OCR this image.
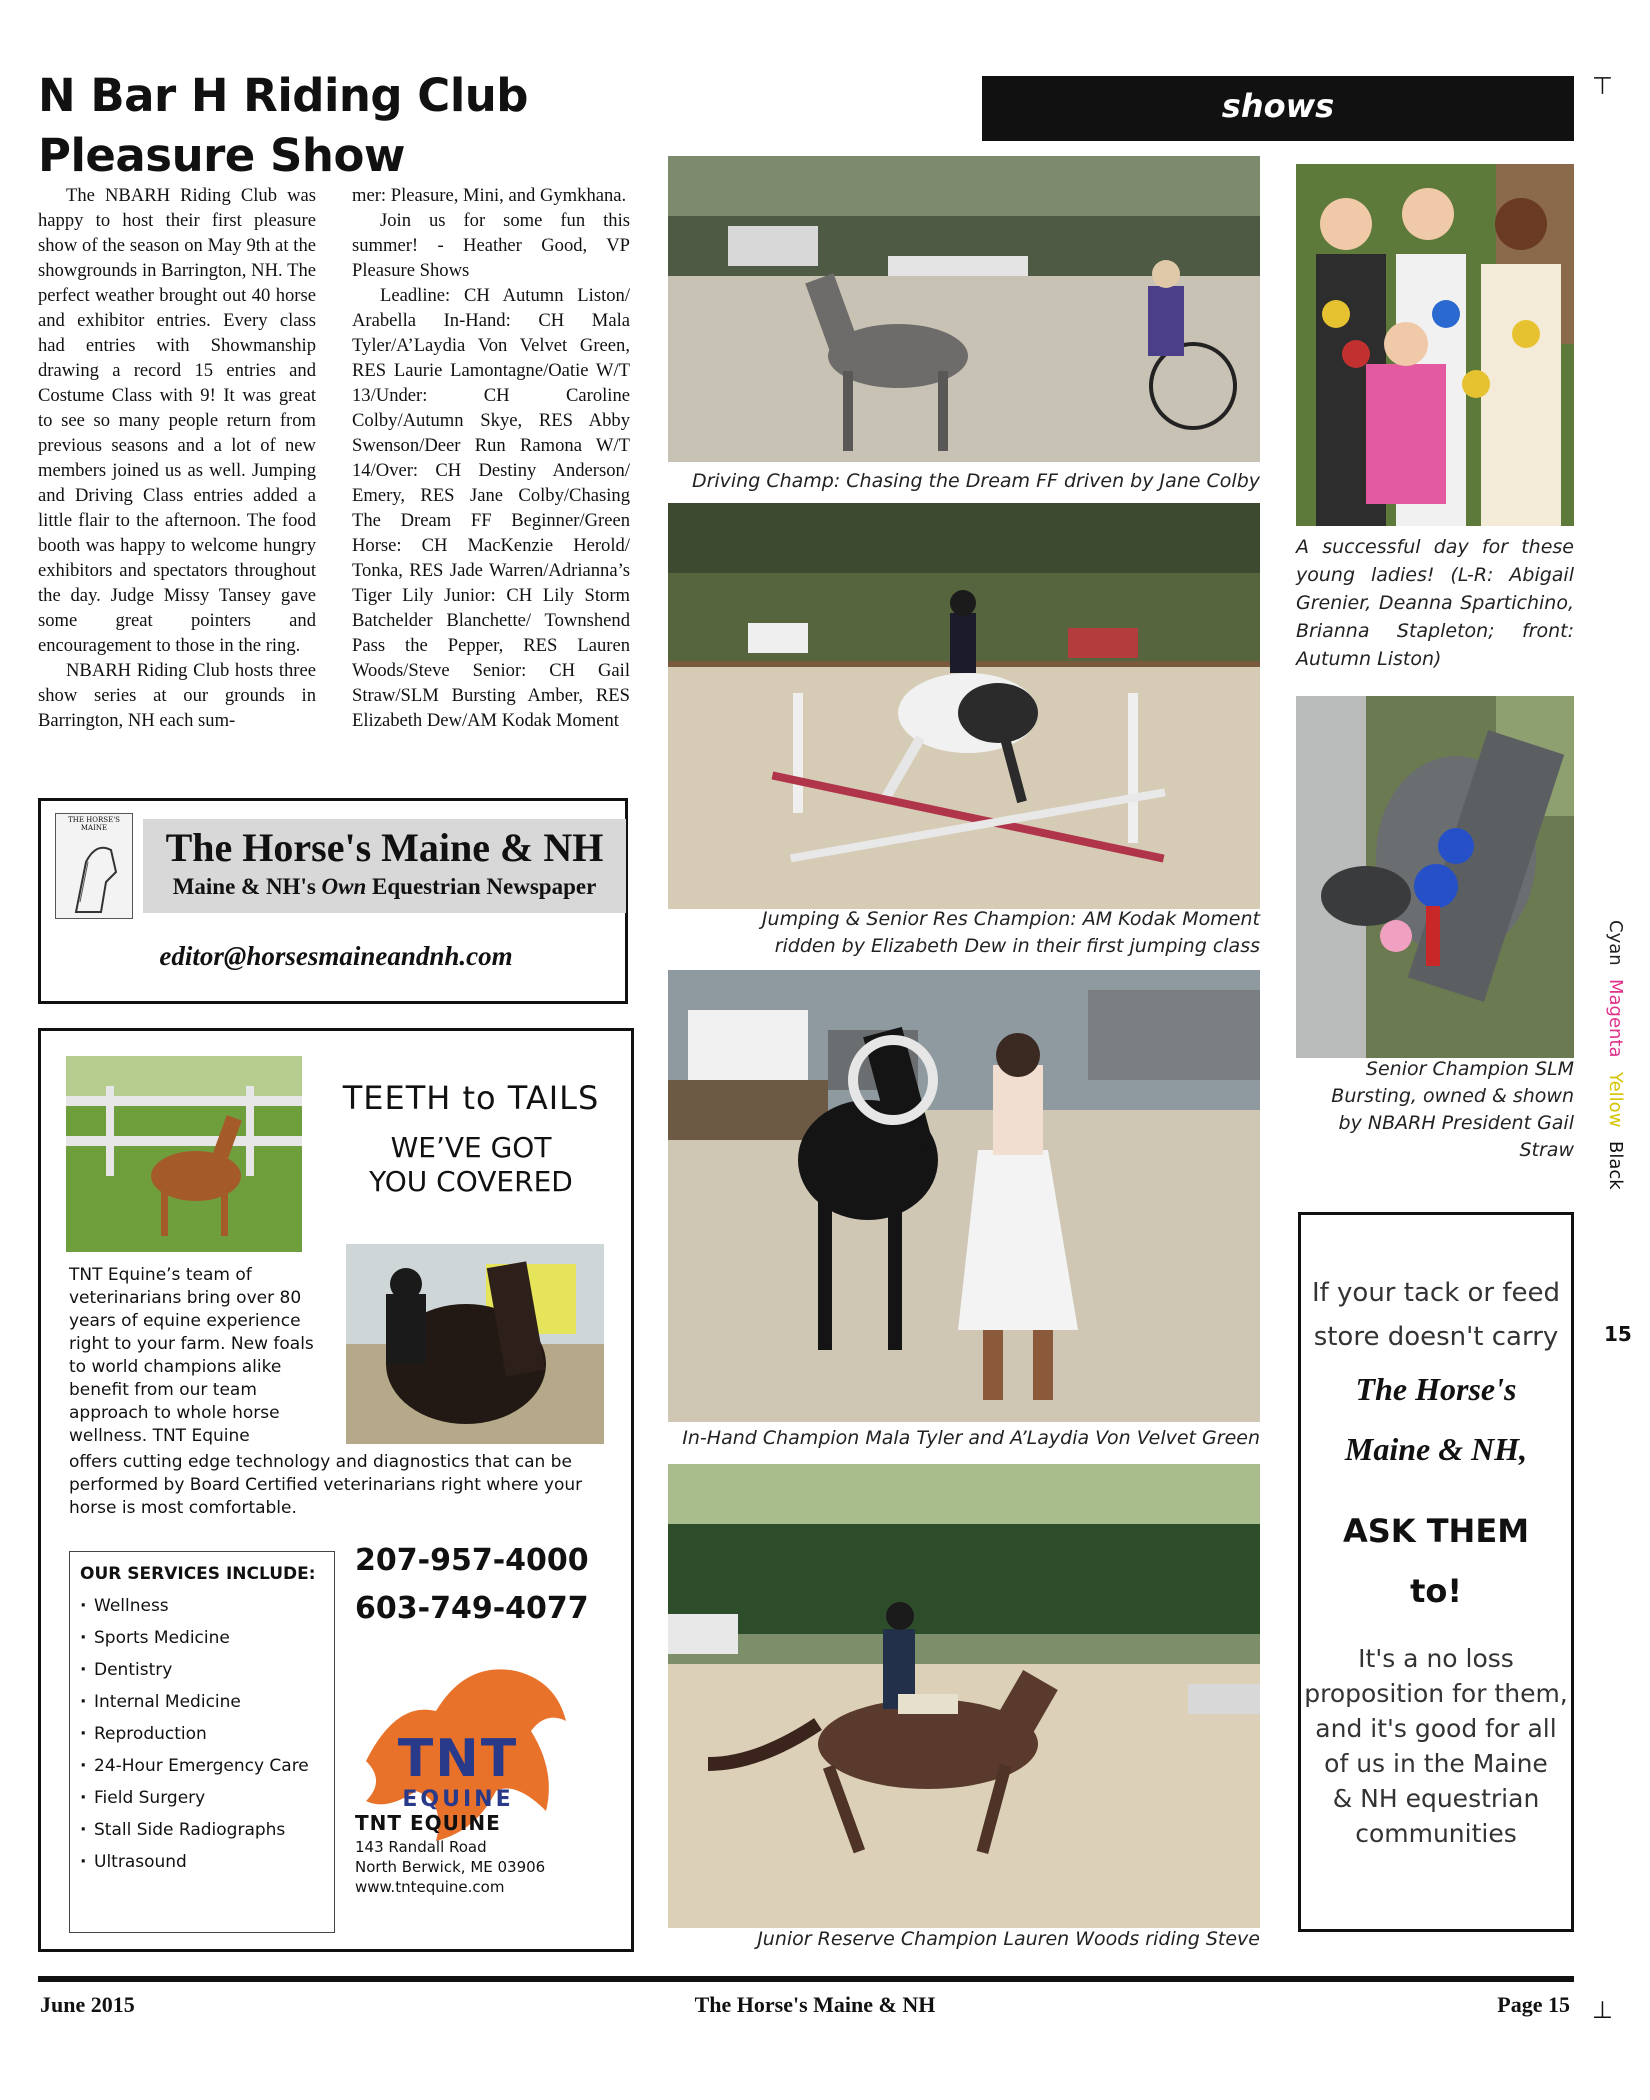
N Bar H Riding Club
Pleasure Show
shows
⊤
⊥

The NBARH Riding Club was happy to host their first pleasure show of the season on May 9th at the showgrounds in Barrington, NH. The perfect weather brought out 40 horse and exhibitor entries. Every class had entries with Showmanship drawing a record 15 entries and Costume Class with 9! It was great to see so many people return from previous seasons and a lot of new members joined us as well. Jumping and Driving Class entries added a little flair to the afternoon. The food booth was happy to welcome hungry exhibitors and spectators throughout the day. Judge Missy Tansey gave some great pointers and encouragement to those in the ring.

NBARH Riding Club hosts three show series at our grounds in Barrington, NH each sum-

mer: Pleasure, Mini, and Gymkhana.

Join us for some fun this summer! - Heather Good, VP Pleasure Shows

Leadline: CH Autumn Liston/ Arabella In-Hand: CH Mala Tyler/A’Laydia Von Velvet Green, RES Laurie Lamontagne/Oatie W/T 13/Under: CH Caroline Colby/Autumn Skye, RES Abby Swenson/Deer Run Ramona W/T 14/Over: CH Destiny Anderson/ Emery, RES Jane Colby/Chasing The Dream FF Beginner/Green Horse: CH MacKenzie Herold/ Tonka, RES Jade Warren/Adrianna’s Tiger Lily Junior: CH Lily Storm Batchelder Blanchette/ Townshend Pass the Pepper, RES Lauren Woods/Steve Senior: CH Gail Straw/SLM Bursting Amber, RES Elizabeth Dew/AM Kodak Moment

Driving Champ: Chasing the Dream FF driven by Jane Colby
Jumping & Senior Res Champion: AM Kodak Moment
ridden by Elizabeth Dew in their first jumping class
In-Hand Champion Mala Tyler and A’Laydia Von Velvet Green
Junior Reserve Champion Lauren Woods riding Steve
A successful day for these young ladies! (L-R: Abigail Grenier, Deanna Spartichino, Brianna Stapleton; front: Autumn Liston)
Senior Champion SLM
Bursting, owned & shown
by NBARH President Gail
Straw
THE HORSE'S MAINE	The Horse's Maine & NH
Maine & NH's Own Equestrian Newspaper
editor@horsesmaineandnh.com
TEETH to TAILS
WE’VE GOT
YOU COVERED
TNT Equine’s team of veterinarians bring over 80 years of equine experience right to your farm. New foals to world champions alike benefit from our team approach to whole horse wellness. TNT Equine
offers cutting edge technology and diagnostics that can be performed by Board Certified veterinarians right where your horse is most comfortable.
OUR SERVICES INCLUDE:
· Wellness
· Sports Medicine
· Dentistry
· Internal Medicine
· Reproduction
· 24-Hour Emergency Care
· Field Surgery
· Stall Side Radiographs
· Ultrasound
207-957-4000
603-749-4077
TNT
EQUINE
TNT EQUINE
143 Randall Road
North Berwick, ME 03906
www.tntequine.com
If your tack or feed
store doesn't carry
The Horse's
Maine & NH,
ASK THEM
to!
It's a no loss
proposition for them,
and it's good for all
of us in the Maine
& NH equestrian
communities
Cyan Magenta Yellow Black
15
June 2015	The Horse's Maine & NH	Page 15
